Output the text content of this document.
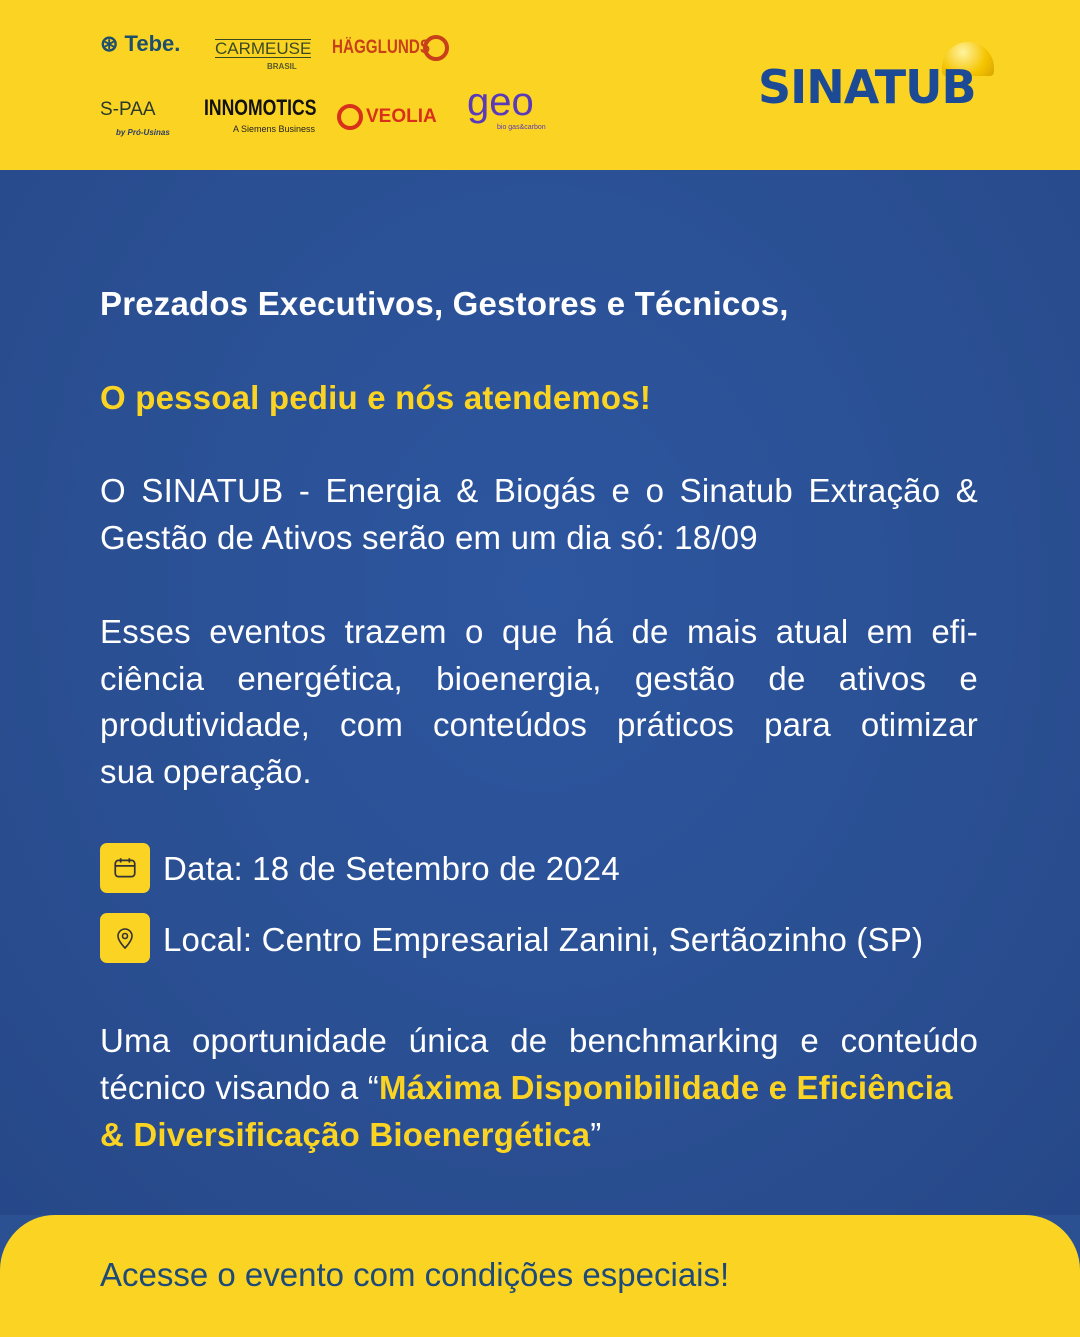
⊛ Tebe. CARMEUSE
BRASIL
HÄGGLUNDS
S-PAA
by Pró-Usinas
INNOMOTICS
A Siemens Business
VEOLIA geo
bio gas&carbon
SINATUB
Prezados Executivos, Gestores e Técnicos,
O pessoal pediu e nós atendemos!
O SINATUB - Energia & Biogás e o Sinatub Extração &
Gestão de Ativos serão em um dia só: 18/09
Esses eventos trazem o que há de mais atual em efi-
ciência energética, bioenergia, gestão de ativos e
produtividade, com conteúdos práticos para otimizar
sua operação.
Data: 18 de Setembro de 2024
Local: Centro Empresarial Zanini, Sertãozinho (SP)
Uma oportunidade única de benchmarking e conteúdo
técnico visando a “Máxima Disponibilidade e Eficiência
& Diversificação Bioenergética”
Acesse o evento com condições especiais!
